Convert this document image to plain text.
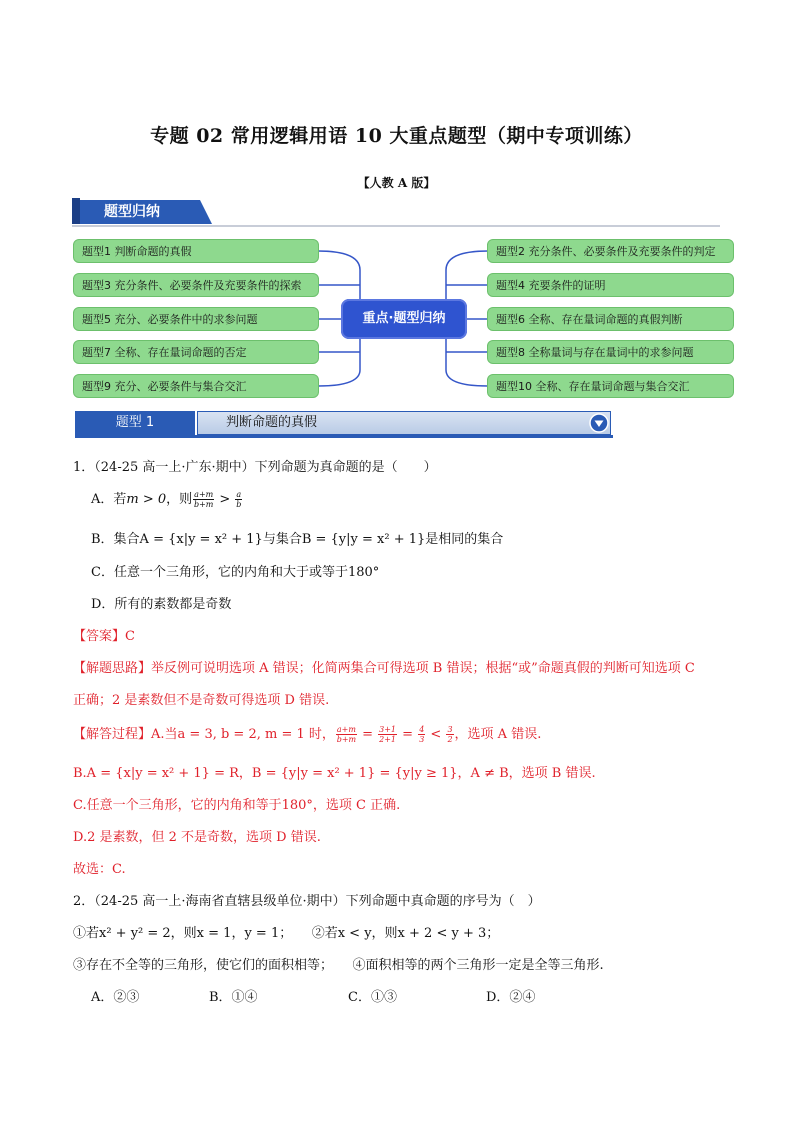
专题 02 常用逻辑用语 10 大重点题型（期中专项训练）
【人教 A 版】
题型归纳
题型1 判断命题的真假
题型3 充分条件、必要条件及充要条件的探索
题型5 充分、必要条件中的求参问题
题型7 全称、存在量词命题的否定
题型9 充分、必要条件与集合交汇
题型2 充分条件、必要条件及充要条件的判定
题型4 充要条件的证明
题型6 全称、存在量词命题的真假判断
题型8 全称量词与存在量词中的求参问题
题型10 全称、存在量词命题与集合交汇
重点·题型归纳
题型 1	判断命题的真假
1．（24-25 高一上·广东·期中）下列命题为真命题的是（　　）
A．若m > 0，则 $\frac{a+m}{b+m} > \frac{a}{b}$
B．集合A = {x|y = x² + 1}与集合B = {y|y = x² + 1}是相同的集合
C．任意一个三角形，它的内角和大于或等于180°
D．所有的素数都是奇数
【答案】C
【解题思路】举反例可说明选项 A 错误；化简两集合可得选项 B 错误；根据“或”命题真假的判断可知选项 C
正确；2 是素数但不是奇数可得选项 D 错误.
【解答过程】A.当a = 3, b = 2, m = 1 时， $\frac{a+m}{b+m} = \frac{3+1}{2+1} = \frac{4}{3} < \frac{3}{2}$ ，选项 A 错误.
B.A = {x|y = x² + 1} = R，B = {y|y = x² + 1} = {y|y ≥ 1}，A ≠ B，选项 B 错误.
C.任意一个三角形，它的内角和等于180°，选项 C 正确.
D.2 是素数，但 2 不是奇数，选项 D 错误.
故选：C.
2．（24-25 高一上·海南省直辖县级单位·期中）下列命题中真命题的序号为（　）
①若x² + y² = 2，则x = 1，y = 1；　　②若x < y，则x + 2 < y + 3；
③存在不全等的三角形，使它们的面积相等；　　④面积相等的两个三角形一定是全等三角形.
A．②③	B．①④	C．①③	D．②④
